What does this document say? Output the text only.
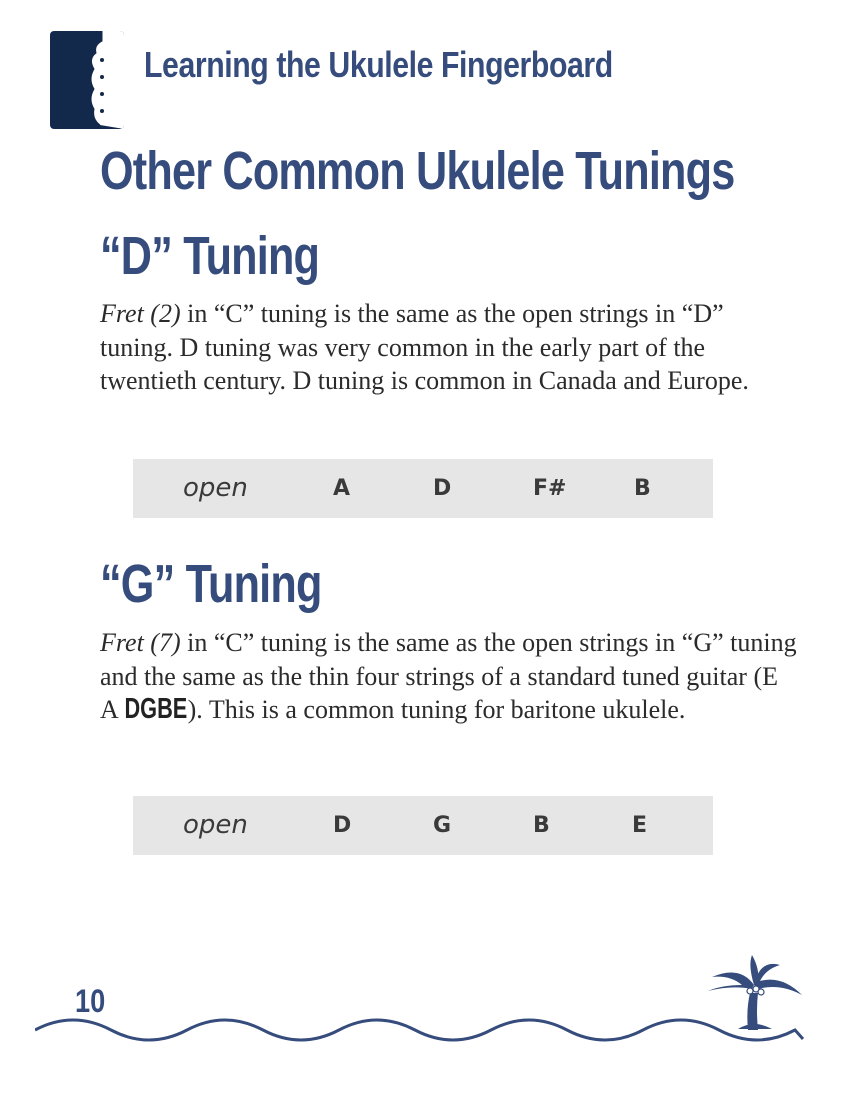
Learning the Ukulele Fingerboard
Other Common Ukulele Tunings
“D” Tuning
Fret (2) in “C” tuning is the same as the open strings in “D” tuning. D tuning was very common in the early part of the twentieth century. D tuning is common in Canada and Europe.
open	A	D	F#	B
“G” Tuning
Fret (7) in “C” tuning is the same as the open strings in “G” tuning and the same as the thin four strings of a standard tuned guitar (E A DGBE). This is a common tuning for baritone ukulele.
open	D	G	B	E
10
